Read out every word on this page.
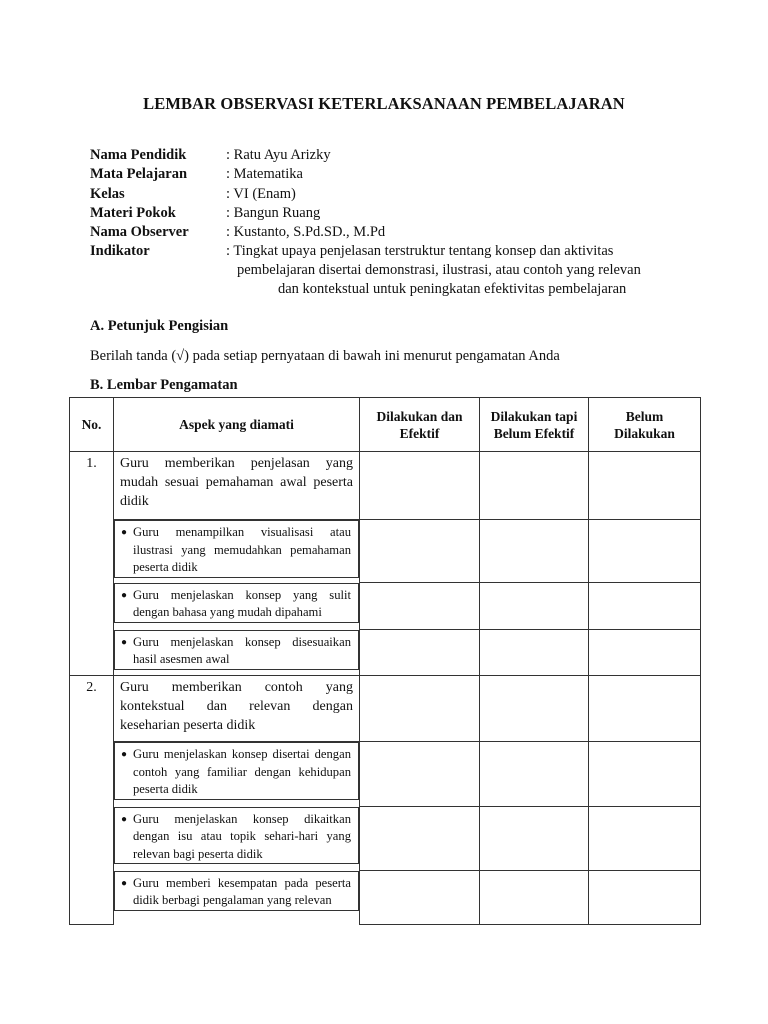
LEMBAR OBSERVASI KETERLAKSANAAN PEMBELAJARAN
Nama Pendidik	: Ratu Ayu Arizky
Mata Pelajaran	: Matematika
Kelas	: VI (Enam)
Materi Pokok	: Bangun Ruang
Nama Observer	: Kustanto, S.Pd.SD., M.Pd
Indikator	: Tingkat upaya penjelasan terstruktur tentang konsep dan aktivitas
pembelajaran disertai demonstrasi, ilustrasi, atau contoh yang relevan
dan kontekstual untuk peningkatan efektivitas pembelajaran
A. Petunjuk Pengisian
Berilah tanda (√) pada setiap pernyataan di bawah ini menurut pengamatan Anda
B. Lembar Pengamatan
No.	Aspek yang diamati	Dilakukan dan Efektif	Dilakukan tapi Belum Efektif	Belum Dilakukan
1.	Guru memberikan penjelasan yang mudah sesuai pemahaman awal peserta didik			

● Guru menampilkan visualisasi atau ilustrasi yang memudahkan pemahaman peserta didik

● Guru menjelaskan konsep yang sulit dengan bahasa yang mudah dipahami

● Guru menjelaskan konsep disesuaikan hasil asesmen awal

2.	Guru memberikan contoh yang kontekstual dan relevan dengan keseharian peserta didik			

● Guru menjelaskan konsep disertai dengan contoh yang familiar dengan kehidupan peserta didik

● Guru menjelaskan konsep dikaitkan dengan isu atau topik sehari-hari yang relevan bagi peserta didik

● Guru memberi kesempatan pada peserta didik berbagi pengalaman yang relevan
